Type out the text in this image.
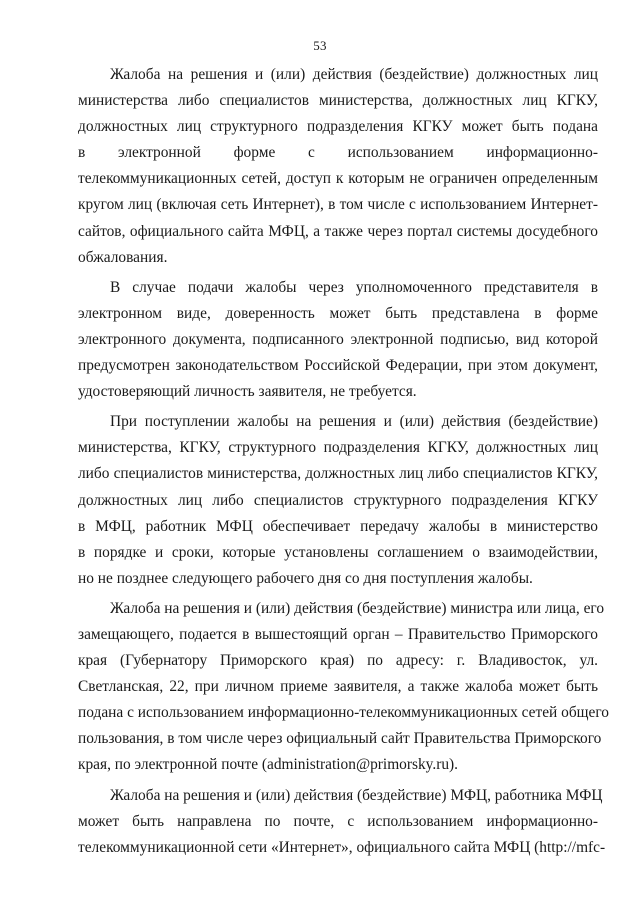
53
Жалоба на решения и (или) действия (бездействие) должностных лиц
министерства либо специалистов министерства, должностных лиц КГКУ,
должностных лиц структурного подразделения КГКУ может быть подана
в электронной форме с использованием информационно-
телекоммуникационных сетей, доступ к которым не ограничен определенным
кругом лиц (включая сеть Интернет), в том числе с использованием Интернет-
сайтов, официального сайта МФЦ, а также через портал системы досудебного
обжалования.
В случае подачи жалобы через уполномоченного представителя в
электронном виде, доверенность может быть представлена в форме
электронного документа, подписанного электронной подписью, вид которой
предусмотрен законодательством Российской Федерации, при этом документ,
удостоверяющий личность заявителя, не требуется.
При поступлении жалобы на решения и (или) действия (бездействие)
министерства, КГКУ, структурного подразделения КГКУ, должностных лиц
либо специалистов министерства, должностных лиц либо специалистов КГКУ,
должностных лиц либо специалистов структурного подразделения КГКУ
в МФЦ, работник МФЦ обеспечивает передачу жалобы в министерство
в порядке и сроки, которые установлены соглашением о взаимодействии,
но не позднее следующего рабочего дня со дня поступления жалобы.
Жалоба на решения и (или) действия (бездействие) министра или лица, его
замещающего, подается в вышестоящий орган – Правительство Приморского
края (Губернатору Приморского края) по адресу: г. Владивосток, ул.
Светланская, 22, при личном приеме заявителя, а также жалоба может быть
подана с использованием информационно-телекоммуникационных сетей общего
пользования, в том числе через официальный сайт Правительства Приморского
края, по электронной почте (administration@primorsky.ru).
Жалоба на решения и (или) действия (бездействие) МФЦ, работника МФЦ
может быть направлена по почте, с использованием информационно-
телекоммуникационной сети «Интернет», официального сайта МФЦ (http://mfc-
